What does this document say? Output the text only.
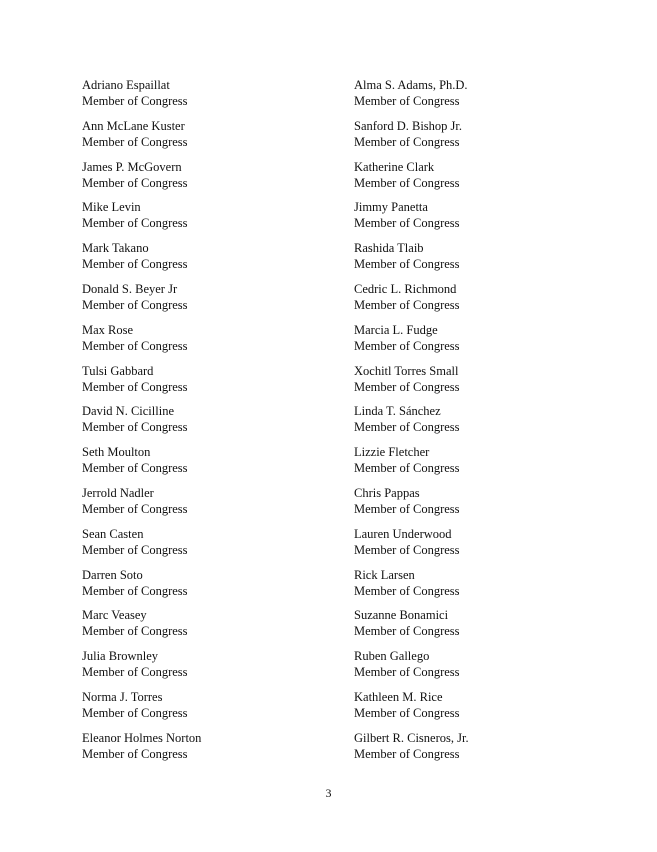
Adriano Espaillat
Member of Congress
Ann McLane Kuster
Member of Congress
James P. McGovern
Member of Congress
Mike Levin
Member of Congress
Mark Takano
Member of Congress
Donald S. Beyer Jr
Member of Congress
Max Rose
Member of Congress
Tulsi Gabbard
Member of Congress
David N. Cicilline
Member of Congress
Seth Moulton
Member of Congress
Jerrold Nadler
Member of Congress
Sean Casten
Member of Congress
Darren Soto
Member of Congress
Marc Veasey
Member of Congress
Julia Brownley
Member of Congress
Norma J. Torres
Member of Congress
Eleanor Holmes Norton
Member of Congress
Alma S. Adams, Ph.D.
Member of Congress
Sanford D. Bishop Jr.
Member of Congress
Katherine Clark
Member of Congress
Jimmy Panetta
Member of Congress
Rashida Tlaib
Member of Congress
Cedric L. Richmond
Member of Congress
Marcia L. Fudge
Member of Congress
Xochitl Torres Small
Member of Congress
Linda T. Sánchez
Member of Congress
Lizzie Fletcher
Member of Congress
Chris Pappas
Member of Congress
Lauren Underwood
Member of Congress
Rick Larsen
Member of Congress
Suzanne Bonamici
Member of Congress
Ruben Gallego
Member of Congress
Kathleen M. Rice
Member of Congress
Gilbert R. Cisneros, Jr.
Member of Congress
3
